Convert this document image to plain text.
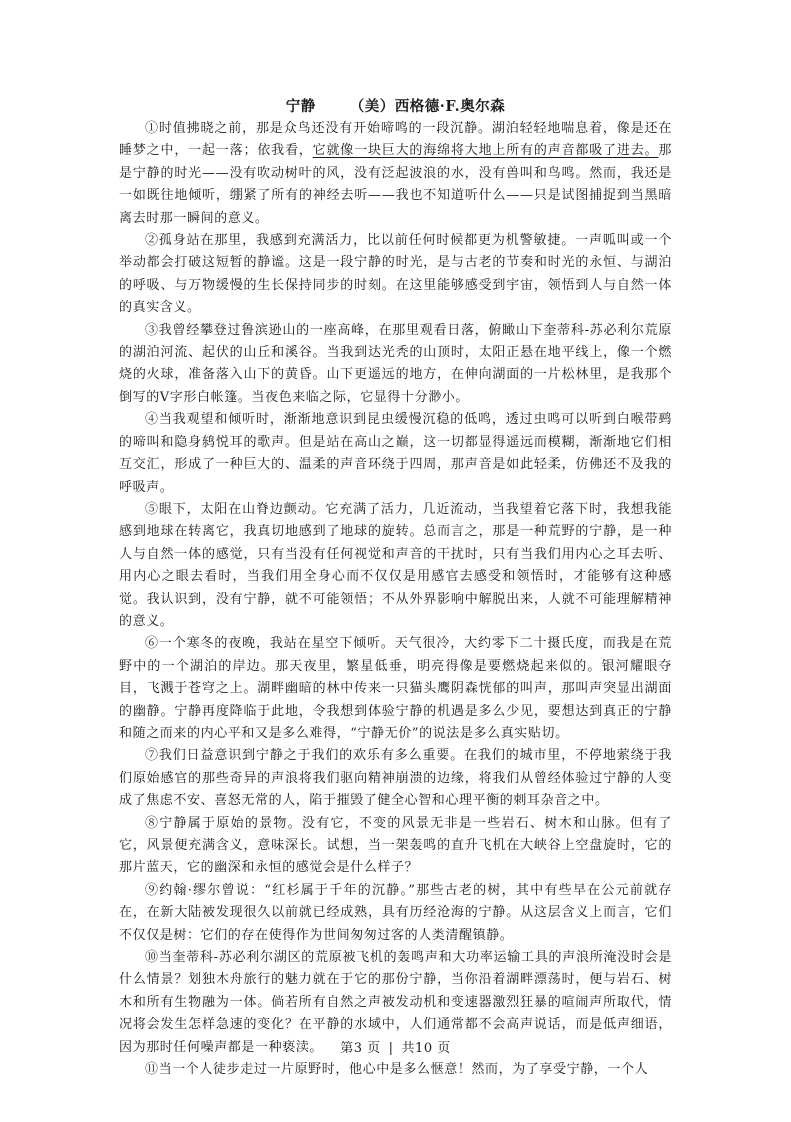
宁静 （美）西格德·F.奥尔森

①时值拂晓之前，那是众鸟还没有开始啼鸣的一段沉静。湖泊轻轻地喘息着，像是还在睡梦之中，一起一落；依我看，它就像一块巨大的海绵将大地上所有的声音都吸了进去。那是宁静的时光——没有吹动树叶的风，没有泛起波浪的水，没有兽叫和鸟鸣。然而，我还是一如既往地倾听，绷紧了所有的神经去听——我也不知道听什么——只是试图捕捉到当黑暗离去时那一瞬间的意义。

②孤身站在那里，我感到充满活力，比以前任何时候都更为机警敏捷。一声呱叫或一个举动都会打破这短暂的静谧。这是一段宁静的时光，是与古老的节奏和时光的永恒、与湖泊的呼吸、与万物缓慢的生长保持同步的时刻。在这里能够感受到宇宙，领悟到人与自然一体的真实含义。

③我曾经攀登过鲁滨逊山的一座高峰，在那里观看日落，俯瞰山下奎蒂科-苏必利尔荒原的湖泊河流、起伏的山丘和溪谷。当我到达光秃的山顶时，太阳正悬在地平线上，像一个燃烧的火球，准备落入山下的黄昏。山下更遥远的地方，在伸向湖面的一片松林里，是我那个倒写的V字形白帐篷。当夜色来临之际，它显得十分渺小。

④当我观望和倾听时，渐渐地意识到昆虫缓慢沉稳的低鸣，透过虫鸣可以听到白喉带鹀的啼叫和隐身鸫悦耳的歌声。但是站在高山之巅，这一切都显得遥远而模糊，渐渐地它们相互交汇，形成了一种巨大的、温柔的声音环绕于四周，那声音是如此轻柔，仿佛还不及我的呼吸声。

⑤眼下，太阳在山脊边颤动。它充满了活力，几近流动，当我望着它落下时，我想我能感到地球在转离它，我真切地感到了地球的旋转。总而言之，那是一种荒野的宁静，是一种人与自然一体的感觉，只有当没有任何视觉和声音的干扰时，只有当我们用内心之耳去听、用内心之眼去看时，当我们用全身心而不仅仅是用感官去感受和领悟时，才能够有这种感觉。我认识到，没有宁静，就不可能领悟；不从外界影响中解脱出来，人就不可能理解精神的意义。

⑥一个寒冬的夜晚，我站在星空下倾听。天气很冷，大约零下二十摄氏度，而我是在荒野中的一个湖泊的岸边。那天夜里，繁星低垂，明亮得像是要燃烧起来似的。银河耀眼夺目，飞溅于苍穹之上。湖畔幽暗的林中传来一只猫头鹰阴森恍郁的叫声，那叫声突显出湖面的幽静。宁静再度降临于此地，令我想到体验宁静的机遇是多么少见，要想达到真正的宁静和随之而来的内心平和又是多么难得，“宁静无价”的说法是多么真实贴切。

⑦我们日益意识到宁静之于我们的欢乐有多么重要。在我们的城市里，不停地萦绕于我们原始感官的那些奇异的声浪将我们驱向精神崩溃的边缘，将我们从曾经体验过宁静的人变成了焦虑不安、喜怒无常的人，陷于摧毁了健全心智和心理平衡的刺耳杂音之中。

⑧宁静属于原始的景物。没有它，不变的风景无非是一些岩石、树木和山脉。但有了它，风景便充满含义，意味深长。试想，当一架轰鸣的直升飞机在大峡谷上空盘旋时，它的那片蓝天，它的幽深和永恒的感觉会是什么样子？

⑨约翰·缪尔曾说：“红杉属于千年的沉静。”那些古老的树，其中有些早在公元前就存在，在新大陆被发现很久以前就已经成熟，具有历经沧海的宁静。从这层含义上而言，它们不仅仅是树：它们的存在使得作为世间匆匆过客的人类清醒镇静。

⑩当奎蒂科-苏必利尔湖区的荒原被飞机的轰鸣声和大功率运输工具的声浪所淹没时会是什么情景？划独木舟旅行的魅力就在于它的那份宁静，当你沿着湖畔漂荡时，便与岩石、树木和所有生物融为一体。倘若所有自然之声被发动机和变速器激烈狂暴的喧闹声所取代，情况将会发生怎样急速的变化？在平静的水域中，人们通常都不会高声说话，而是低声细语，因为那时任何噪声都是一种亵渎。

⑪当一个人徒步走过一片原野时，他心中是多么惬意！然而，为了享受宁静，一个人

第3 页 | 共10 页
